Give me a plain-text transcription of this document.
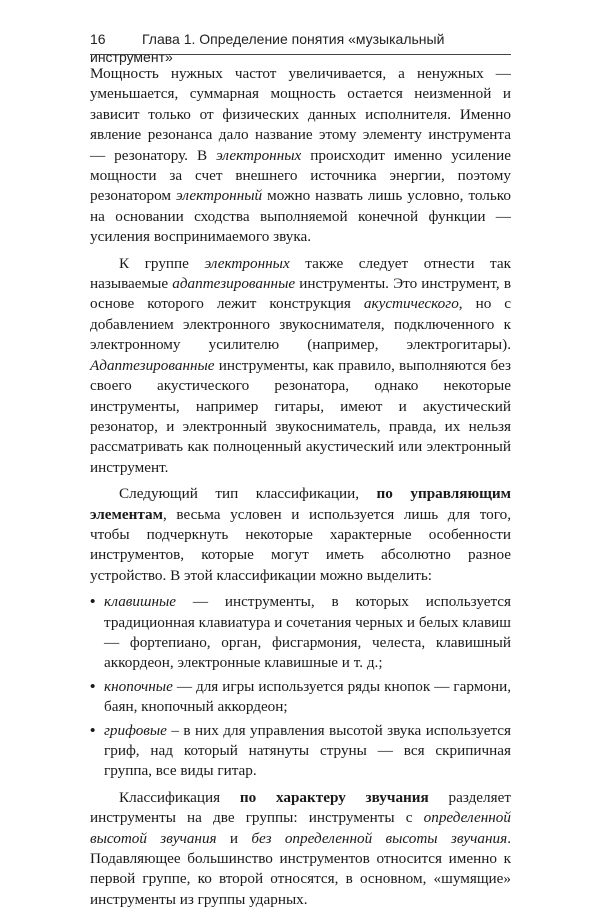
16	Глава 1. Определение понятия «музыкальный инструмент»

Мощность нужных частот увеличивается, а ненужных — уменьшается, суммарная мощность остается неизменной и зависит только от физических данных исполнителя. Именно явление резонанса дало название этому элементу инструмента — резонатору. В электронных происходит именно усиление мощности за счет внешнего источника энергии, поэтому резонатором электронный можно назвать лишь условно, только на основании сходства выполняемой конечной функции — усиления воспринимаемого звука.

К группе электронных также следует отнести так называемые адаптезированные инструменты. Это инструмент, в основе которого лежит конструкция акустического, но с добавлением электронного звукоснимателя, подключенного к электронному усилителю (например, электрогитары). Адаптезированные инструменты, как правило, выполняются без своего акустического резонатора, однако некоторые инструменты, например гитары, имеют и акустический резонатор, и электронный звукосниматель, правда, их нельзя рассматривать как полноценный акустический или электронный инструмент.

Следующий тип классификации, по управляющим элементам, весьма условен и используется лишь для того, чтобы подчеркнуть некоторые характерные особенности инструментов, которые могут иметь абсолютно разное устройство. В этой классификации можно выделить:

• клавишные — инструменты, в которых используется традиционная клавиатура и сочетания черных и белых клавиш — фортепиано, орган, фисгармония, челеста, клавишный аккордеон, электронные клавишные и т. д.;
• кнопочные — для игры используется ряды кнопок — гармони, баян, кнопочный аккордеон;
• грифовые – в них для управления высотой звука используется гриф, над который натянуты струны — вся скрипичная группа, все виды гитар.

Классификация по характеру звучания разделяет инструменты на две группы: инструменты с определенной высотой звучания и без определенной высоты звучания. Подавляющее большинство инструментов относится именно к первой группе, ко второй относятся, в основном, «шумящие» инструменты из группы ударных.
